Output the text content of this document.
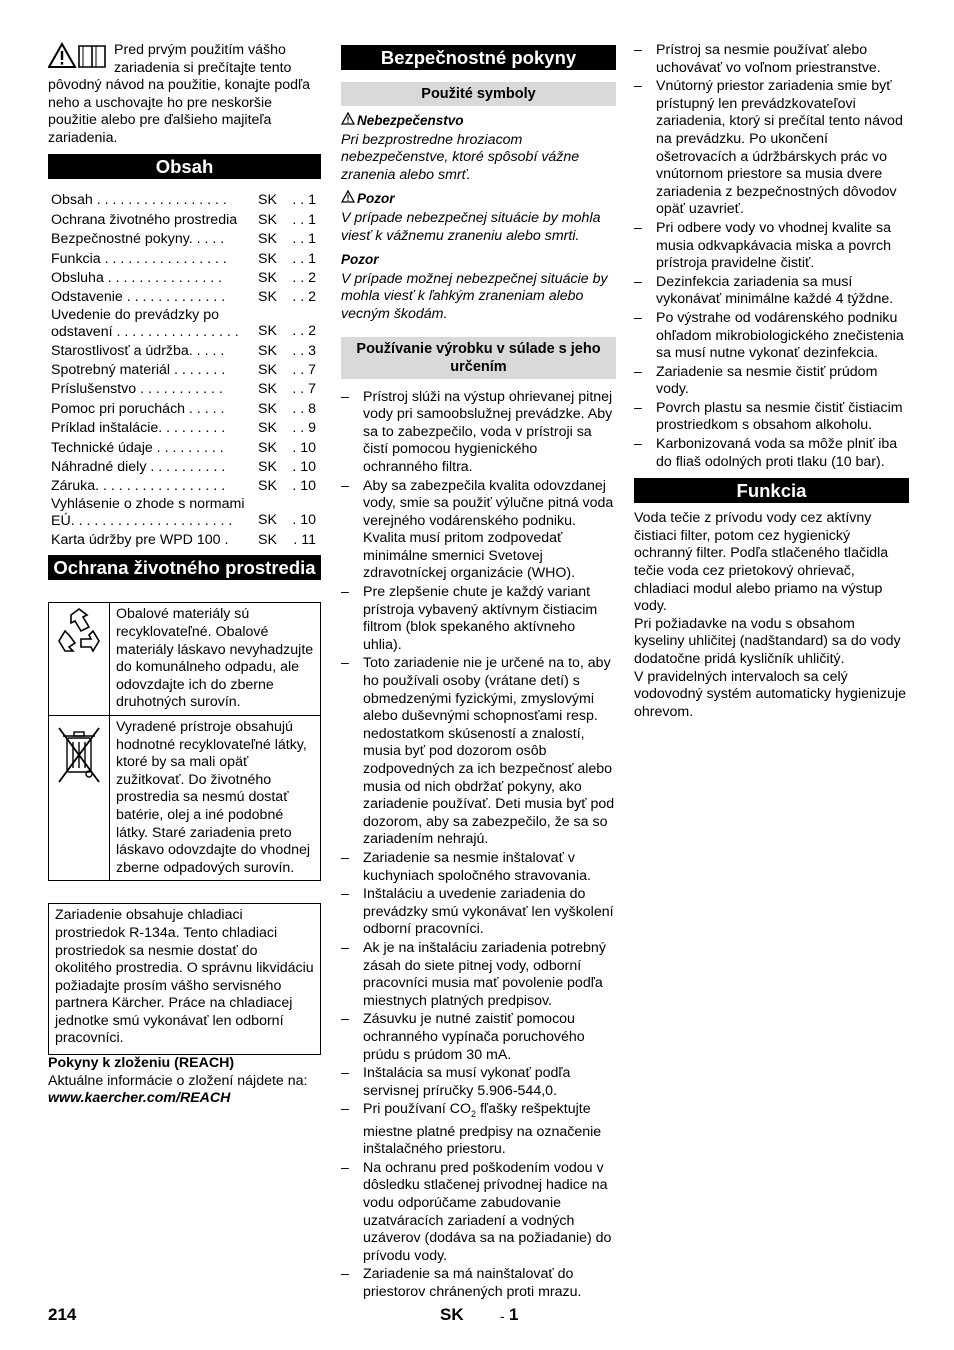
Pred prvým použitím vášho zariadenia si prečítajte tento pôvodný návod na použitie, konajte podľa neho a uschovajte ho pre neskoršie použitie alebo pre ďalšieho majiteľa zariadenia.

Obsah
Obsah . . . . . . . . . . . . . . . . .	SK	. . 1
Ochrana životného prostredia	SK	. . 1
Bezpečnostné pokyny. . . . .	SK	. . 1
Funkcia . . . . . . . . . . . . . . . .	SK	. . 1
Obsluha . . . . . . . . . . . . . . .	SK	. . 2
Odstavenie . . . . . . . . . . . . .	SK	. . 2

Uvedenie do prevádzky po odstavení . . . . . . . . . . . . . . . .	SK	. . 2
Starostlivosť a údržba. . . . .	SK	. . 3
Spotrebný materiál . . . . . . .	SK	. . 7
Príslušenstvo . . . . . . . . . . .	SK	. . 7
Pomoc pri poruchách . . . . .	SK	. . 8
Príklad inštalácie. . . . . . . . .	SK	. . 9
Technické údaje . . . . . . . . .	SK	. 10
Náhradné diely . . . . . . . . . .	SK	. 10
Záruka. . . . . . . . . . . . . . . . .	SK	. 10

Vyhlásenie o zhode s normami EÚ. . . . . . . . . . . . . . . . . . . . .	SK	. 10
Karta údržby pre WPD 100 .	SK	. 11
Ochrana životného prostredia
	Obalové materiály sú recyklovateľné. Obalové materiály láskavo nevyhadzujte do komunálneho odpadu, ale odovzdajte ich do zberne druhotných surovín.
	Vyradené prístroje obsahujú hodnotné recyklovateľné látky, ktoré by sa mali opäť zužitkovať. Do životného prostredia sa nesmú dostať batérie, olej a iné podobné látky. Staré zariadenia preto láskavo odovzdajte do vhodnej zberne odpadových surovín.

Zariadenie obsahuje chladiaci prostriedok R-134a. Tento chladiaci prostriedok sa nesmie dostať do okolitého prostredia. O správnu likvidáciu požiadajte prosím vášho servisného partnera Kärcher. Práce na chladiacej jednotke smú vykonávať len odborní pracovníci.

Pokyny k zloženiu (REACH)

Aktuálne informácie o zložení nájdete na:

www.kaercher.com/REACH

Bezpečnostné pokyny
Použité symboly

Nebezpečenstvo

Pri bezprostredne hroziacom nebezpečenstve, ktoré spôsobí vážne zranenia alebo smrť.

Pozor

V prípade nebezpečnej situácie by mohla viesť k vážnemu zraneniu alebo smrti.

Pozor

V prípade možnej nebezpečnej situácie by mohla viesť k ľahkým zraneniam alebo vecným škodám.

Používanie výrobku v súlade s jeho určením
– Prístroj slúži na výstup ohrievanej pitnej vody pri samoobslužnej prevádzke. Aby sa to zabezpečilo, voda v prístroji sa čistí pomocou hygienického ochranného filtra.
– Aby sa zabezpečila kvalita odovzdanej vody, smie sa použiť výlučne pitná voda verejného vodárenského podniku. Kvalita musí pritom zodpovedať minimálne smernici Svetovej zdravotníckej organizácie (WHO).
– Pre zlepšenie chute je každý variant prístroja vybavený aktívnym čistiacim filtrom (blok spekaného aktívneho uhlia).
– Toto zariadenie nie je určené na to, aby ho používali osoby (vrátane detí) s obmedzenými fyzickými, zmyslovými alebo duševnými schopnosťami resp. nedostatkom skúseností a znalostí, musia byť pod dozorom osôb zodpovedných za ich bezpečnosť alebo musia od nich obdržať pokyny, ako zariadenie používať. Deti musia byť pod dozorom, aby sa zabezpečilo, že sa so zariadením nehrajú.
– Zariadenie sa nesmie inštalovať v kuchyniach spoločného stravovania.
– Inštaláciu a uvedenie zariadenia do prevádzky smú vykonávať len vyškolení odborní pracovníci.
– Ak je na inštaláciu zariadenia potrebný zásah do siete pitnej vody, odborní pracovníci musia mať povolenie podľa miestnych platných predpisov.
– Zásuvku je nutné zaistiť pomocou ochranného vypínača poruchového prúdu s prúdom 30 mA.
– Inštalácia sa musí vykonať podľa servisnej príručky 5.906-544,0.
– Pri používaní $CO_2$ fľašky rešpektujte miestne platné predpisy na označenie inštalačného priestoru.
– Na ochranu pred poškodením vodou v dôsledku stlačenej prívodnej hadice na vodu odporúčame zabudovanie uzatváracích zariadení a vodných uzáverov (dodáva sa na požiadanie) do prívodu vody.
– Zariadenie sa má nainštalovať do priestorov chránených proti mrazu.
– Prístroj sa nesmie používať alebo uchovávať vo voľnom priestranstve.
– Vnútorný priestor zariadenia smie byť prístupný len prevádzkovateľovi zariadenia, ktorý si prečítal tento návod na prevádzku. Po ukončení ošetrovacích a údržbárskych prác vo vnútornom priestore sa musia dvere zariadenia z bezpečnostných dôvodov opäť uzavrieť.
– Pri odbere vody vo vhodnej kvalite sa musia odkvapkávacia miska a povrch prístroja pravidelne čistiť.
– Dezinfekcia zariadenia sa musí vykonávať minimálne každé 4 týždne.
– Po výstrahe od vodárenského podniku ohľadom mikrobiologického znečistenia sa musí nutne vykonať dezinfekcia.
– Zariadenie sa nesmie čistiť prúdom vody.
– Povrch plastu sa nesmie čistiť čistiacim prostriedkom s obsahom alkoholu.
– Karbonizovaná voda sa môže plniť iba do fliaš odolných proti tlaku (10 bar).
Funkcia

Voda tečie z prívodu vody cez aktívny čistiaci filter, potom cez hygienický ochranný filter. Podľa stlačeného tlačidla tečie voda cez prietokový ohrievač, chladiaci modul alebo priamo na výstup vody.

Pri požiadavke na vodu s obsahom kyseliny uhličitej (nadštandard) sa do vody dodatočne pridá kysličník uhličitý.

V pravidelných intervaloch sa celý vodovodný systém automaticky hygienizuje ohrevom.

214	SK	- 1
